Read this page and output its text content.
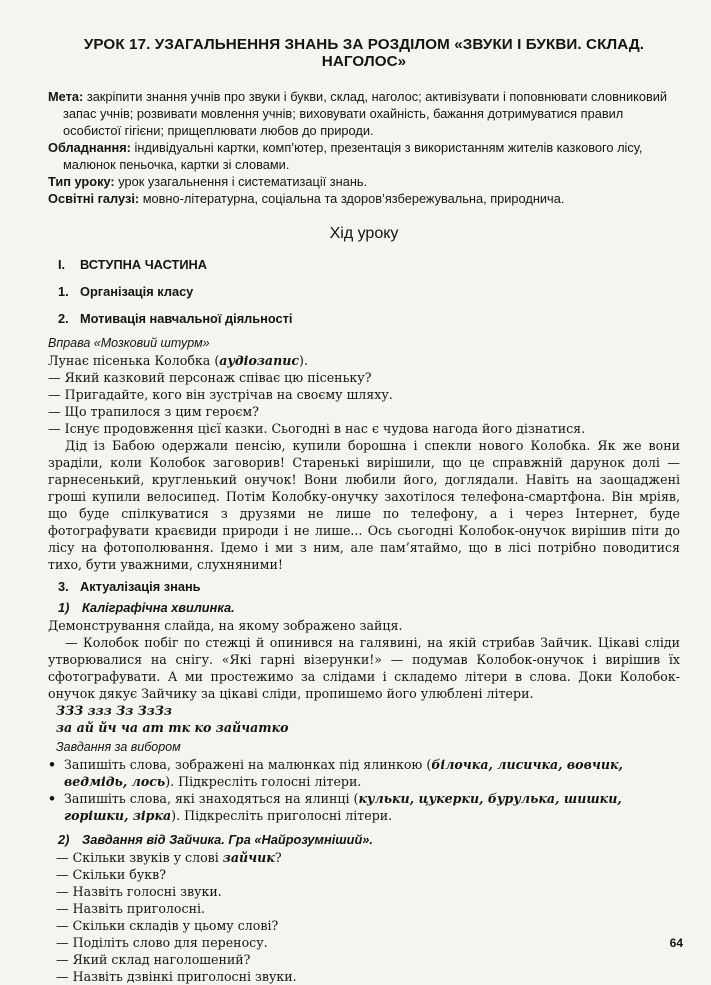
УРОК 17. УЗАГАЛЬНЕННЯ ЗНАНЬ ЗА РОЗДІЛОМ «ЗВУКИ І БУКВИ. СКЛАД. НАГОЛОС»

Мета: закріпити знання учнів про звуки і букви, склад, наголос; активізувати і поповнювати словниковий запас учнів; розвивати мовлення учнів; виховувати охайність, бажання дотримуватися правил особистої гігієни; прищеплювати любов до природи.

Обладнання: індивідуальні картки, комп’ютер, презентація з використанням жителів казкового лісу, малюнок пеньочка, картки зі словами.

Тип уроку: урок узагальнення і систематизації знань.

Освітні галузі: мовно-літературна, соціальна та здоров’язбережувальна, природнича.

Хід уроку
I.	ВСТУПНА ЧАСТИНА
1. Організація класу
2. Мотивація навчальної діяльності
Вправа «Мозковий штурм»

Лунає пісенька Колобка (аудіозапис).

— Який казковий персонаж співає цю пісеньку?

— Пригадайте, кого він зустрічав на своєму шляху.

— Що трапилося з цим героєм?

— Існує продовження цієї казки. Сьогодні в нас є чудова нагода його дізнатися.

Дід із Бабою одержали пенсію, купили борошна і спекли нового Колобка. Як же вони зраділи, коли Колобок заговорив! Старенькі вирішили, що це справжній дарунок долі — гарнесенький, кругленький онучок! Вони любили його, доглядали. Навіть на заощаджені гроші купили велосипед. Потім Колобку-онучку захотілося телефона-смартфона. Він мріяв, що буде спілкуватися з друзями не лише по телефону, а і через Інтернет, буде фотографувати краєвиди природи і не лише... Ось сьогодні Колобок-онучок вирішив піти до лісу на фотополювання. Ідемо і ми з ним, але пам’ятаймо, що в лісі потрібно поводитися тихо, бути уважними, слухняними!

3. Актуалізація знань
1) Каліграфічна хвилинка.

Демонстрування слайда, на якому зображено зайця.

— Колобок побіг по стежці й опинився на галявині, на якій стрибав Зайчик. Цікаві сліди утворювалися на снігу. «Які гарні візерунки!» — подумав Колобок-онучок і вирішив їх сфотографувати. А ми простежимо за слідами і складемо літери в слова. Доки Колобок-онучок дякує Зайчику за цікаві сліди, пропишемо його улюблені літери.

ЗЗЗ ззз Зз ЗзЗз

за ай йч ча ат тк ко зайчатко

Завдання за вибором
• Запишіть слова, зображені на малюнках під ялинкою (білочка, лисичка, вовчик, ведмідь, лось). Підкресліть голосні літери.
• Запишіть слова, які знаходяться на ялинці (кульки, цукерки, бурулька, шишки, горішки, зірка). Підкресліть приголосні літери.
2) Завдання від Зайчика. Гра «Найрозумніший».

— Скільки звуків у слові зайчик?

— Скільки букв?

— Назвіть голосні звуки.

— Назвіть приголосні.

— Скільки складів у цьому слові?

— Поділіть слово для переносу.

— Який склад наголошений?

— Назвіть дзвінкі приголосні звуки.

64
